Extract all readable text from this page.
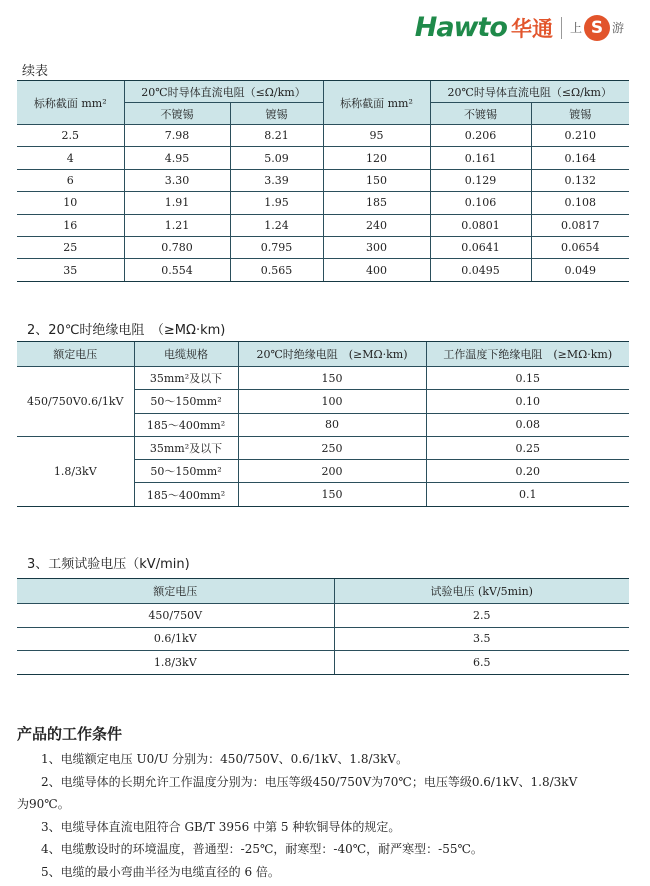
Hawto 华通 上 S 游
续表
标称截面 mm²	20℃时导体直流电阻（≤Ω/km）		标称截面 mm²	20℃时导体直流电阻（≤Ω/km）	
	不镀锡	镀锡		不镀锡	镀锡
2.5	7.98	8.21	95	0.206	0.210
4	4.95	5.09	120	0.161	0.164
6	3.30	3.39	150	0.129	0.132
10	1.91	1.95	185	0.106	0.108
16	1.21	1.24	240	0.0801	0.0817
25	0.780	0.795	300	0.0641	0.0654
35	0.554	0.565	400	0.0495	0.049
2、20℃时绝缘电阻　（≥MΩ·km)
额定电压	电缆规格	20℃时绝缘电阻　(≥MΩ·km)	工作温度下绝缘电阻　(≥MΩ·km)
450/750V0.6/1kV	35mm²及以下	150	0.15
	50～150mm²	100	0.10
	185～400mm²	80	0.08
1.8/3kV	35mm²及以下	250	0.25
	50～150mm²	200	0.20
	185～400mm²	150	0.1
3、工频试验电压（kV/min)
额定电压	试验电压 (kV/5min)
450/750V	2.5
0.6/1kV	3.5
1.8/3kV	6.5
产品的工作条件

1、电缆额定电压 U0/U 分别为：450/750V、0.6/1kV、1.8/3kV。

2、电缆导体的长期允许工作温度分别为：电压等级450/750V为70℃；电压等级0.6/1kV、1.8/3kV

为90℃。

3、电缆导体直流电阻符合 GB/T 3956 中第 5 种软铜导体的规定。

4、电缆敷设时的环境温度，普通型：-25℃，耐寒型：-40℃，耐严寒型：-55℃。

5、电缆的最小弯曲半径为电缆直径的 6 倍。
